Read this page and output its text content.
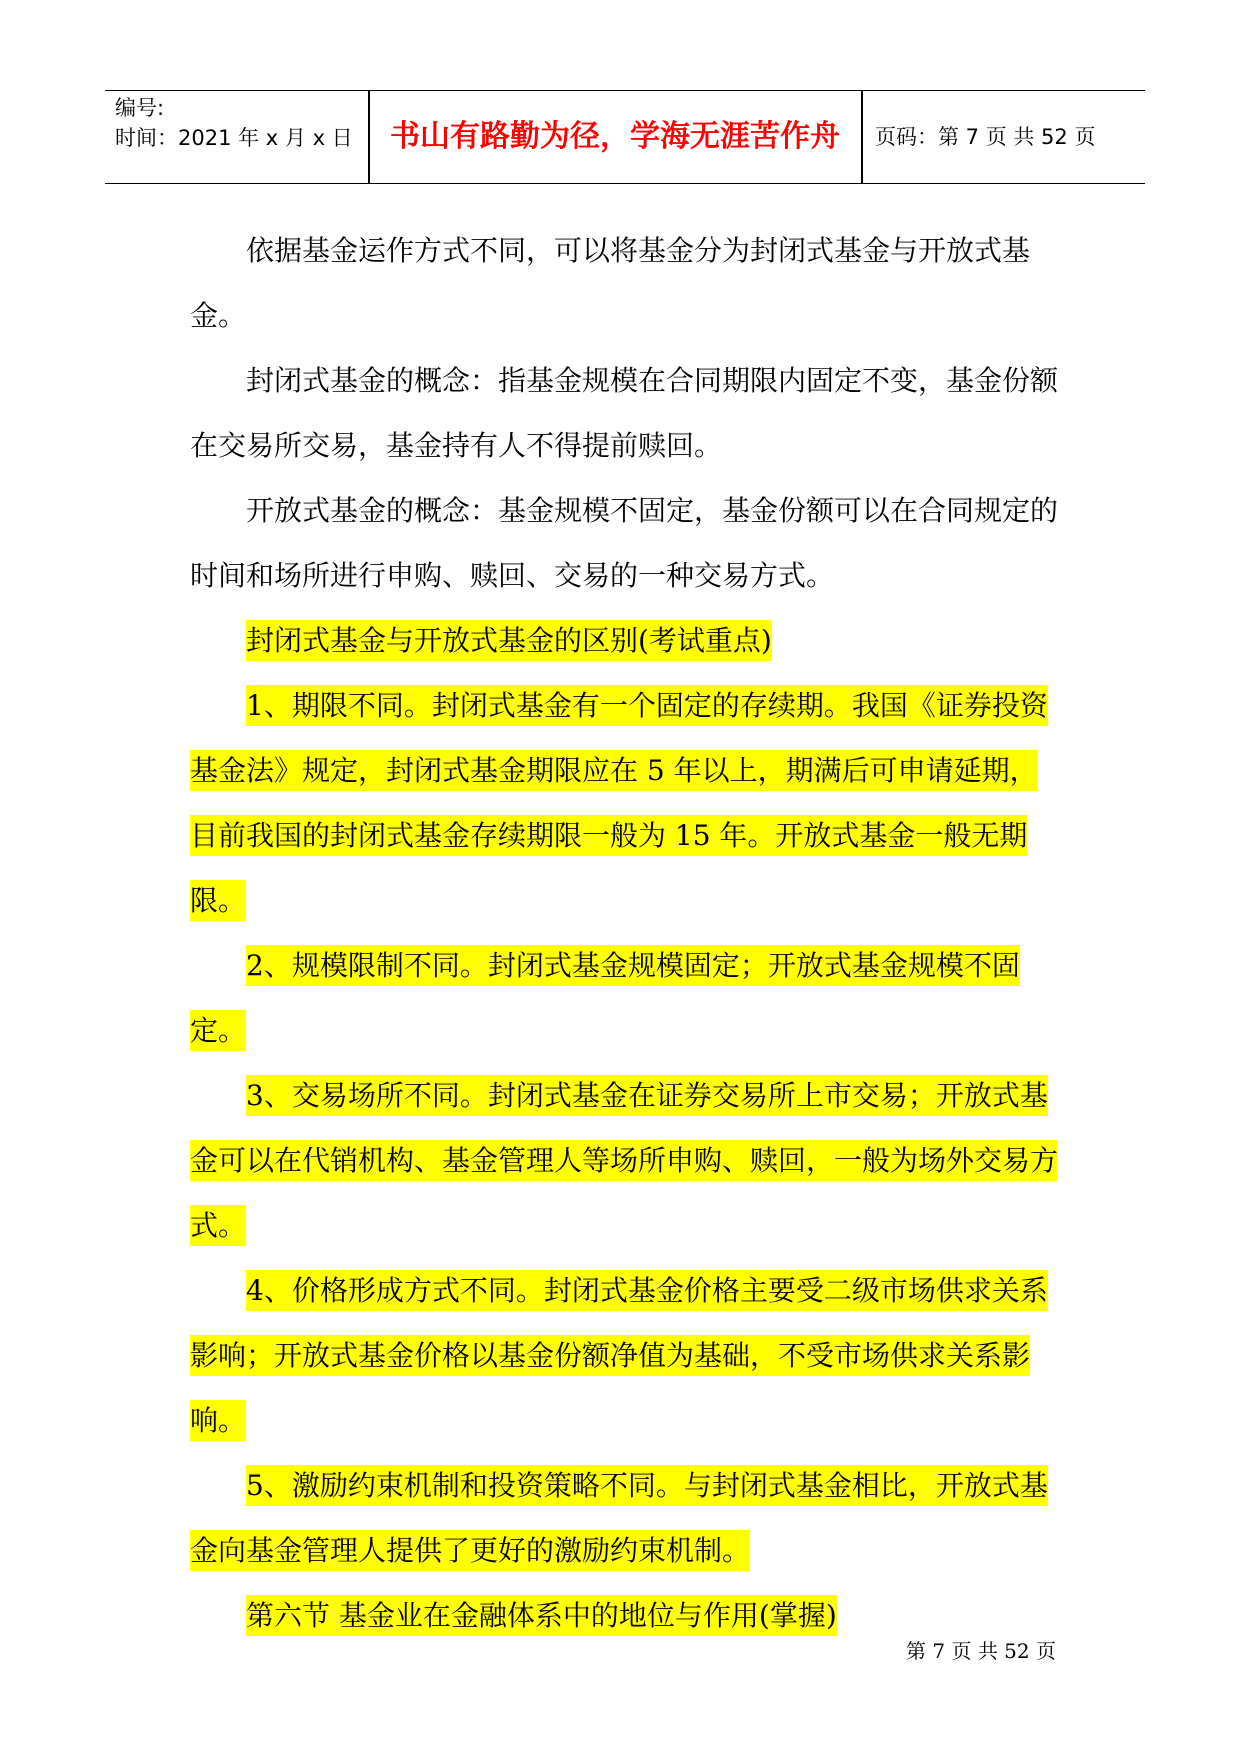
编号:
时间：2021 年 x 月 x 日	书山有路勤为径，学海无涯苦作舟	页码：第 7 页 共 52 页

依据基金运作方式不同，可以将基金分为封闭式基金与开放式基金。

封闭式基金的概念：指基金规模在合同期限内固定不变，基金份额在交易所交易，基金持有人不得提前赎回。

开放式基金的概念：基金规模不固定，基金份额可以在合同规定的时间和场所进行申购、赎回、交易的一种交易方式。

封闭式基金与开放式基金的区别(考试重点)

1、期限不同。封闭式基金有一个固定的存续期。我国《证券投资基金法》规定，封闭式基金期限应在 5 年以上，期满后可申请延期，目前我国的封闭式基金存续期限一般为 15 年。开放式基金一般无期限。

2、规模限制不同。封闭式基金规模固定；开放式基金规模不固定。

3、交易场所不同。封闭式基金在证券交易所上市交易；开放式基金可以在代销机构、基金管理人等场所申购、赎回，一般为场外交易方式。

4、价格形成方式不同。封闭式基金价格主要受二级市场供求关系影响；开放式基金价格以基金份额净值为基础，不受市场供求关系影响。

5、激励约束机制和投资策略不同。与封闭式基金相比，开放式基金向基金管理人提供了更好的激励约束机制。

第六节 基金业在金融体系中的地位与作用(掌握)

第 7 页 共 52 页
